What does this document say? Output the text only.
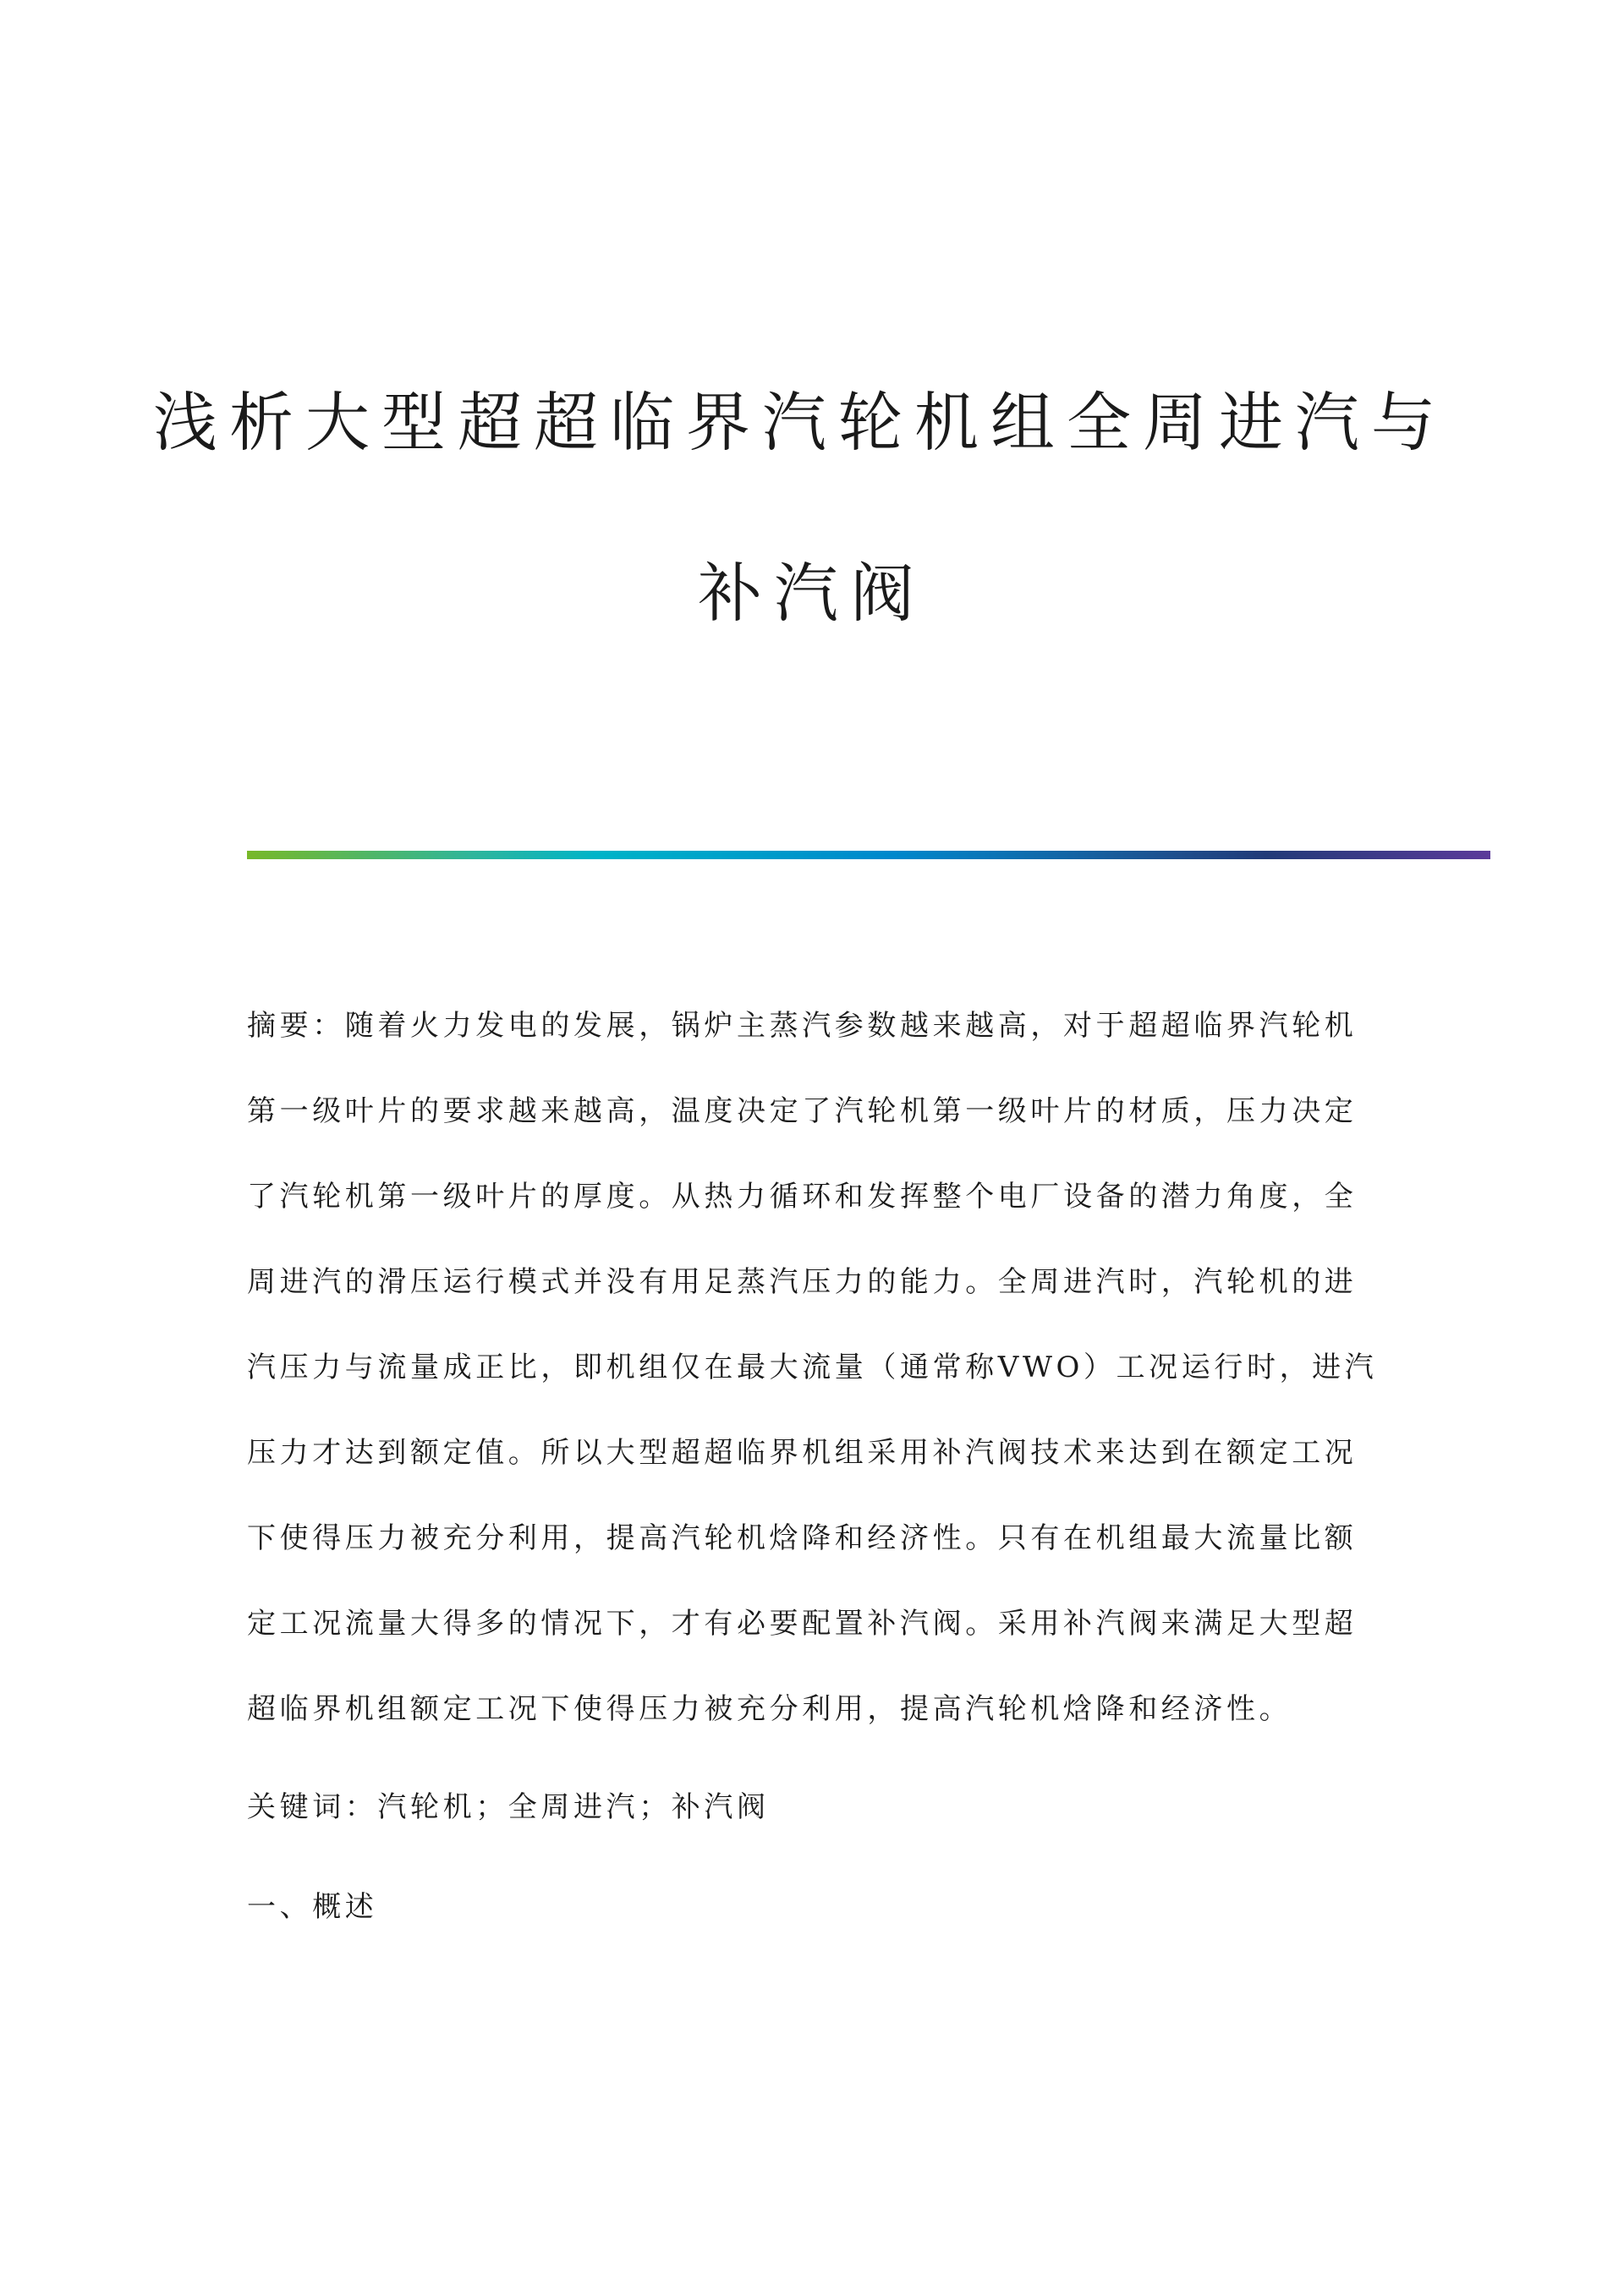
浅析大型超超临界汽轮机组全周进汽与
补汽阀
摘要：随着火力发电的发展，锅炉主蒸汽参数越来越高，对于超超临界汽轮机
第一级叶片的要求越来越高，温度决定了汽轮机第一级叶片的材质，压力决定
了汽轮机第一级叶片的厚度。从热力循环和发挥整个电厂设备的潜力角度，全
周进汽的滑压运行模式并没有用足蒸汽压力的能力。全周进汽时，汽轮机的进
汽压力与流量成正比，即机组仅在最大流量（通常称VWO）工况运行时，进汽
压力才达到额定值。所以大型超超临界机组采用补汽阀技术来达到在额定工况
下使得压力被充分利用，提高汽轮机焓降和经济性。只有在机组最大流量比额
定工况流量大得多的情况下，才有必要配置补汽阀。采用补汽阀来满足大型超
超临界机组额定工况下使得压力被充分利用，提高汽轮机焓降和经济性。
关键词：汽轮机；全周进汽；补汽阀
一、概述
